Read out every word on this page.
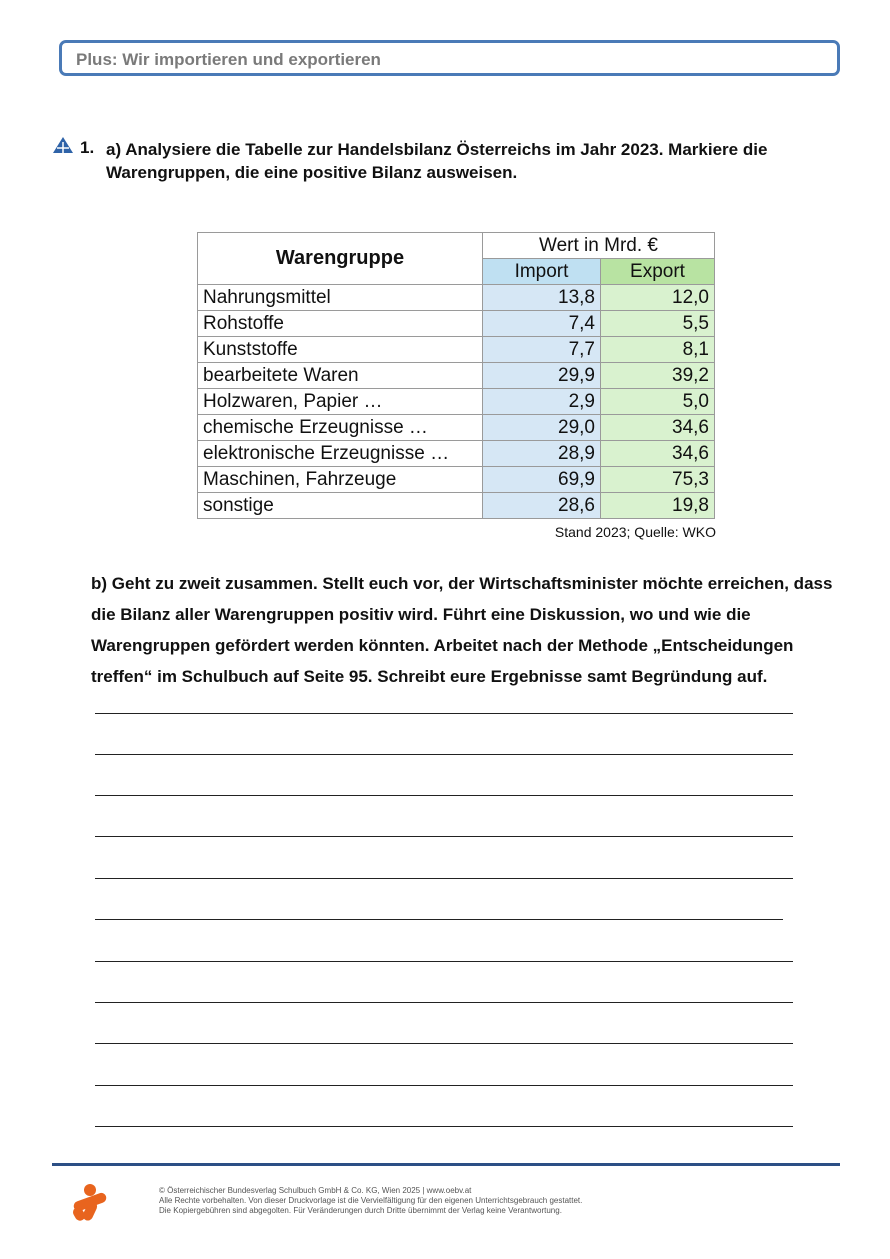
Plus: Wir importieren und exportieren
1. a) Analysiere die Tabelle zur Handelsbilanz Österreichs im Jahr 2023. Markiere die Warengruppen, die eine positive Bilanz ausweisen.
Warengruppe	Wert in Mrd. €	
	Import	Export
Nahrungsmittel	13,8	12,0
Rohstoffe	7,4	5,5
Kunststoffe	7,7	8,1
bearbeitete Waren	29,9	39,2
Holzwaren, Papier …	2,9	5,0
chemische Erzeugnisse …	29,0	34,6
elektronische Erzeugnisse …	28,9	34,6
Maschinen, Fahrzeuge	69,9	75,3
sonstige	28,6	19,8
Stand 2023; Quelle: WKO
b) Geht zu zweit zusammen. Stellt euch vor, der Wirtschaftsminister möchte erreichen, dass die Bilanz aller Warengruppen positiv wird. Führt eine Diskussion, wo und wie die Warengruppen gefördert werden könnten. Arbeitet nach der Methode „Entscheidungen treffen“ im Schulbuch auf Seite 95. Schreibt eure Ergebnisse samt Begründung auf.
© Österreichischer Bundesverlag Schulbuch GmbH & Co. KG, Wien 2025 | www.oebv.at
Alle Rechte vorbehalten. Von dieser Druckvorlage ist die Vervielfältigung für den eigenen Unterrichtsgebrauch gestattet.
Die Kopiergebühren sind abgegolten. Für Veränderungen durch Dritte übernimmt der Verlag keine Verantwortung.
